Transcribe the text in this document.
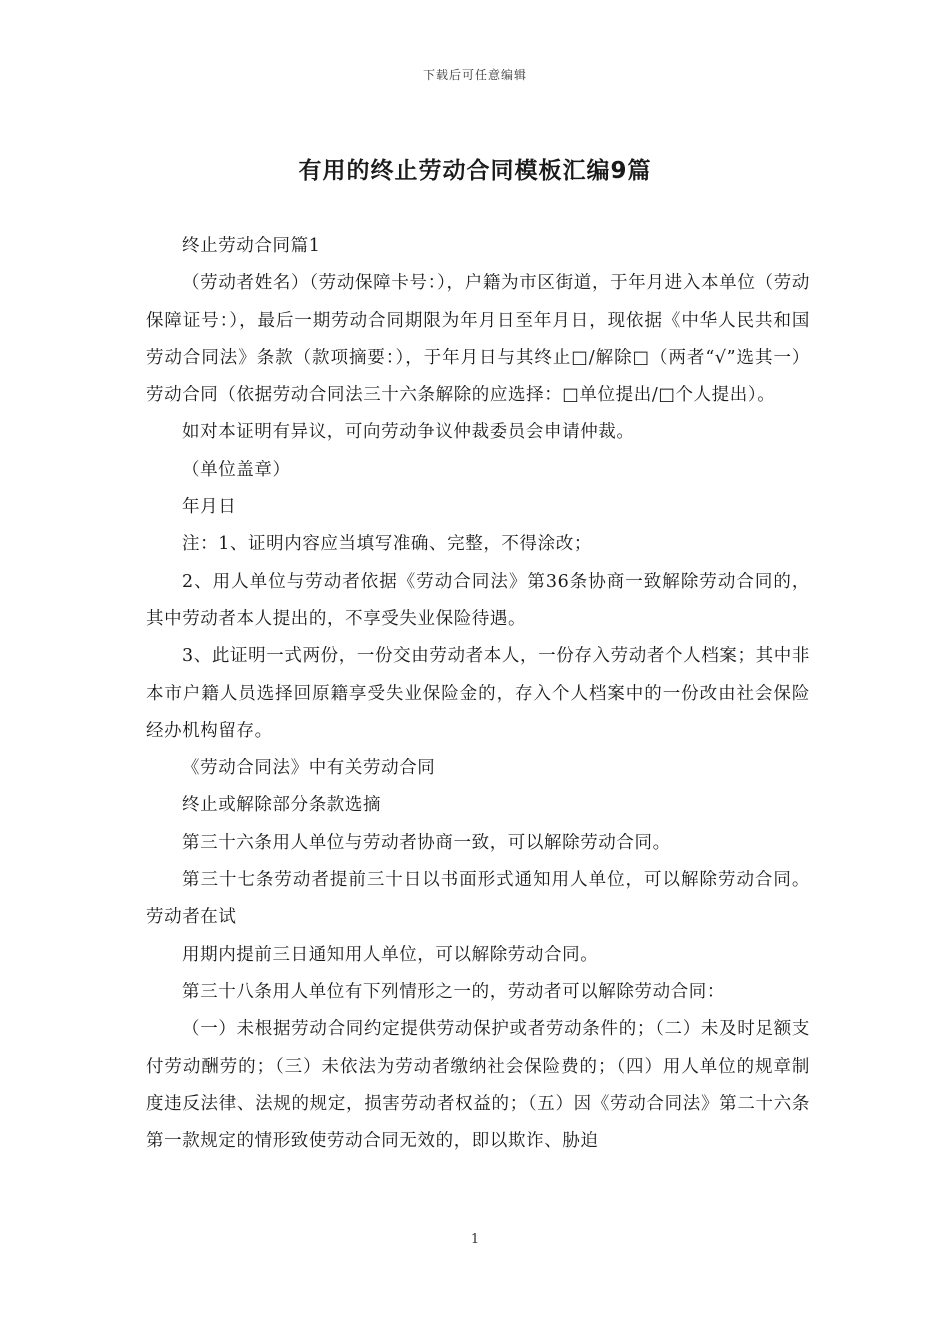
下载后可任意编辑
有用的终止劳动合同模板汇编9篇

终止劳动合同篇1

（劳动者姓名）（劳动保障卡号：），户籍为市区街道，于年月进入本单位（劳动保障证号：），最后一期劳动合同期限为年月日至年月日，现依据《中华人民共和国劳动合同法》条款（款项摘要：），于年月日与其终止□/解除□（两者“√”选其一）劳动合同（依据劳动合同法三十六条解除的应选择：□单位提出/□个人提出）。

如对本证明有异议，可向劳动争议仲裁委员会申请仲裁。

（单位盖章）

年月日

注：1、证明内容应当填写准确、完整，不得涂改；

2、用人单位与劳动者依据《劳动合同法》第36条协商一致解除劳动合同的，其中劳动者本人提出的，不享受失业保险待遇。

3、此证明一式两份，一份交由劳动者本人，一份存入劳动者个人档案；其中非本市户籍人员选择回原籍享受失业保险金的，存入个人档案中的一份改由社会保险经办机构留存。

《劳动合同法》中有关劳动合同

终止或解除部分条款选摘

第三十六条用人单位与劳动者协商一致，可以解除劳动合同。

第三十七条劳动者提前三十日以书面形式通知用人单位，可以解除劳动合同。劳动者在试

用期内提前三日通知用人单位，可以解除劳动合同。

第三十八条用人单位有下列情形之一的，劳动者可以解除劳动合同：

（一）未根据劳动合同约定提供劳动保护或者劳动条件的；（二）未及时足额支付劳动酬劳的；（三）未依法为劳动者缴纳社会保险费的；（四）用人单位的规章制度违反法律、法规的规定，损害劳动者权益的；（五）因《劳动合同法》第二十六条第一款规定的情形致使劳动合同无效的，即以欺诈、胁迫

1
